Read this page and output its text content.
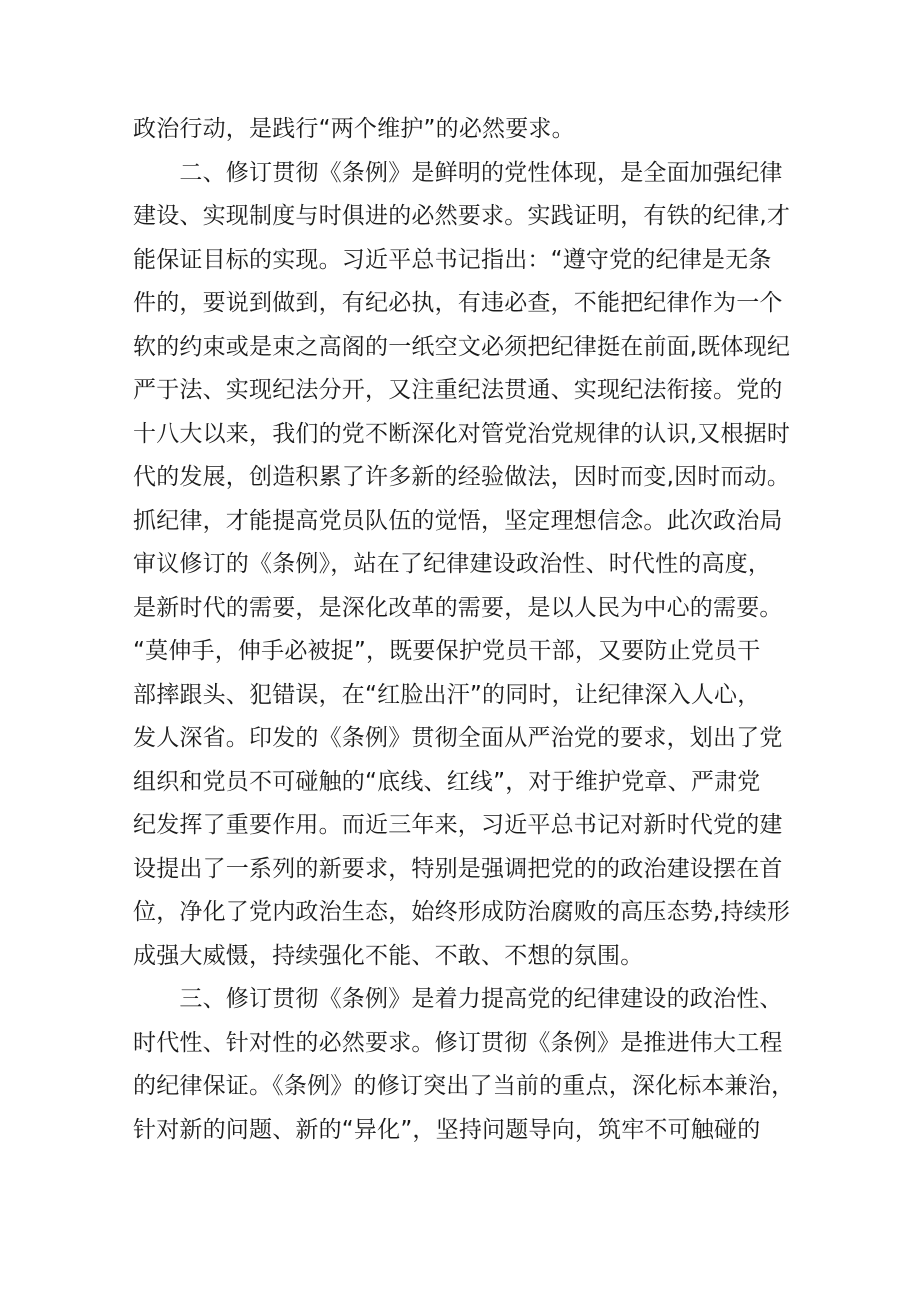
政治行动，是践行“两个维护”的必然要求。
　　二、修订贯彻《条例》是鲜明的党性体现，是全面加强纪律
建设、实现制度与时俱进的必然要求。实践证明，有铁的纪律,才
能保证目标的实现。习近平总书记指出：“遵守党的纪律是无条
件的，要说到做到，有纪必执，有违必查，不能把纪律作为一个
软的约束或是束之高阁的一纸空文必须把纪律挺在前面,既体现纪
严于法、实现纪法分开，又注重纪法贯通、实现纪法衔接。党的
十八大以来，我们的党不断深化对管党治党规律的认识,又根据时
代的发展，创造积累了许多新的经验做法，因时而变,因时而动。
抓纪律，才能提高党员队伍的觉悟，坚定理想信念。此次政治局
审议修订的《条例》，站在了纪律建设政治性、时代性的高度，
是新时代的需要，是深化改革的需要，是以人民为中心的需要。
“莫伸手，伸手必被捉”，既要保护党员干部，又要防止党员干
部摔跟头、犯错误，在“红脸出汗”的同时，让纪律深入人心，
发人深省。印发的《条例》贯彻全面从严治党的要求，划出了党
组织和党员不可碰触的“底线、红线”，对于维护党章、严肃党
纪发挥了重要作用。而近三年来，习近平总书记对新时代党的建
设提出了一系列的新要求，特别是强调把党的的政治建设摆在首
位，净化了党内政治生态，始终形成防治腐败的高压态势,持续形
成强大威慑，持续强化不能、不敢、不想的氛围。
　　三、修订贯彻《条例》是着力提高党的纪律建设的政治性、
时代性、针对性的必然要求。修订贯彻《条例》是推进伟大工程
的纪律保证。《条例》的修订突出了当前的重点，深化标本兼治，
针对新的问题、新的“异化”，坚持问题导向，筑牢不可触碰的
